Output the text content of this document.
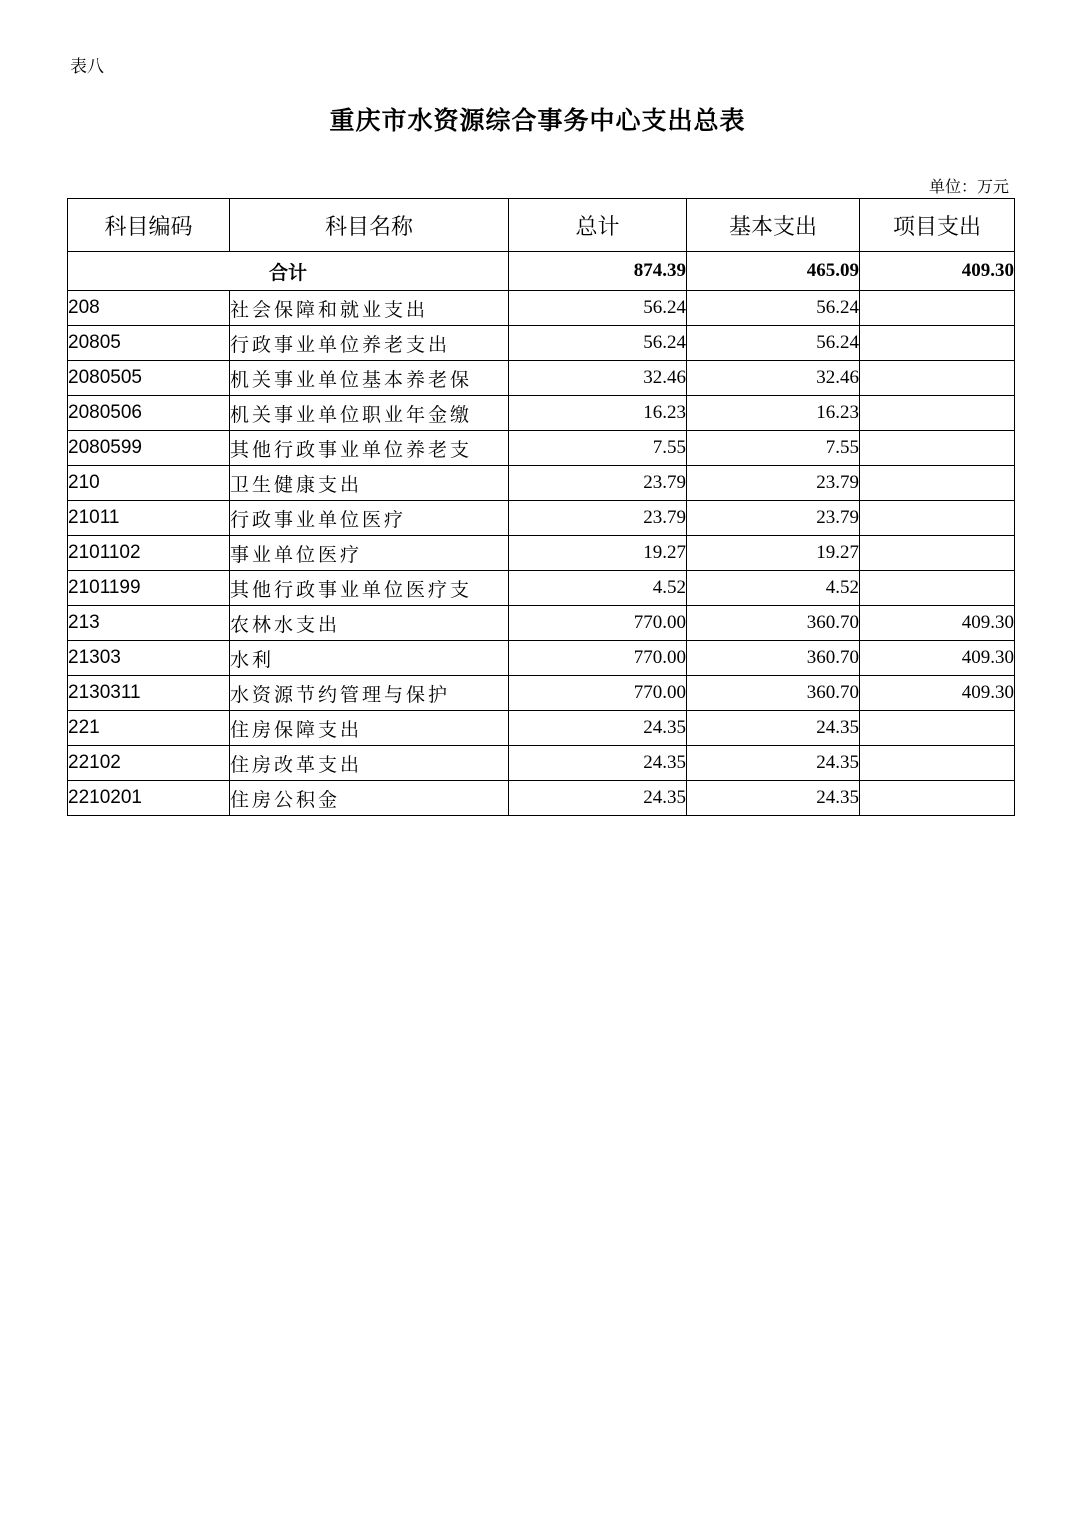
表八
重庆市水资源综合事务中心支出总表
单位：万元
科目编码	科目名称	总计	基本支出	项目支出
合计		874.39	465.09	409.30
208	社会保障和就业支出	56.24	56.24	
20805	行政事业单位养老支出	56.24	56.24	
2080505	机关事业单位基本养老保	32.46	32.46	
2080506	机关事业单位职业年金缴	16.23	16.23	
2080599	其他行政事业单位养老支	7.55	7.55	
210	卫生健康支出	23.79	23.79	
21011	行政事业单位医疗	23.79	23.79	
2101102	事业单位医疗	19.27	19.27	
2101199	其他行政事业单位医疗支	4.52	4.52	
213	农林水支出	770.00	360.70	409.30
21303	水利	770.00	360.70	409.30
2130311	水资源节约管理与保护	770.00	360.70	409.30
221	住房保障支出	24.35	24.35	
22102	住房改革支出	24.35	24.35	
2210201	住房公积金	24.35	24.35	
